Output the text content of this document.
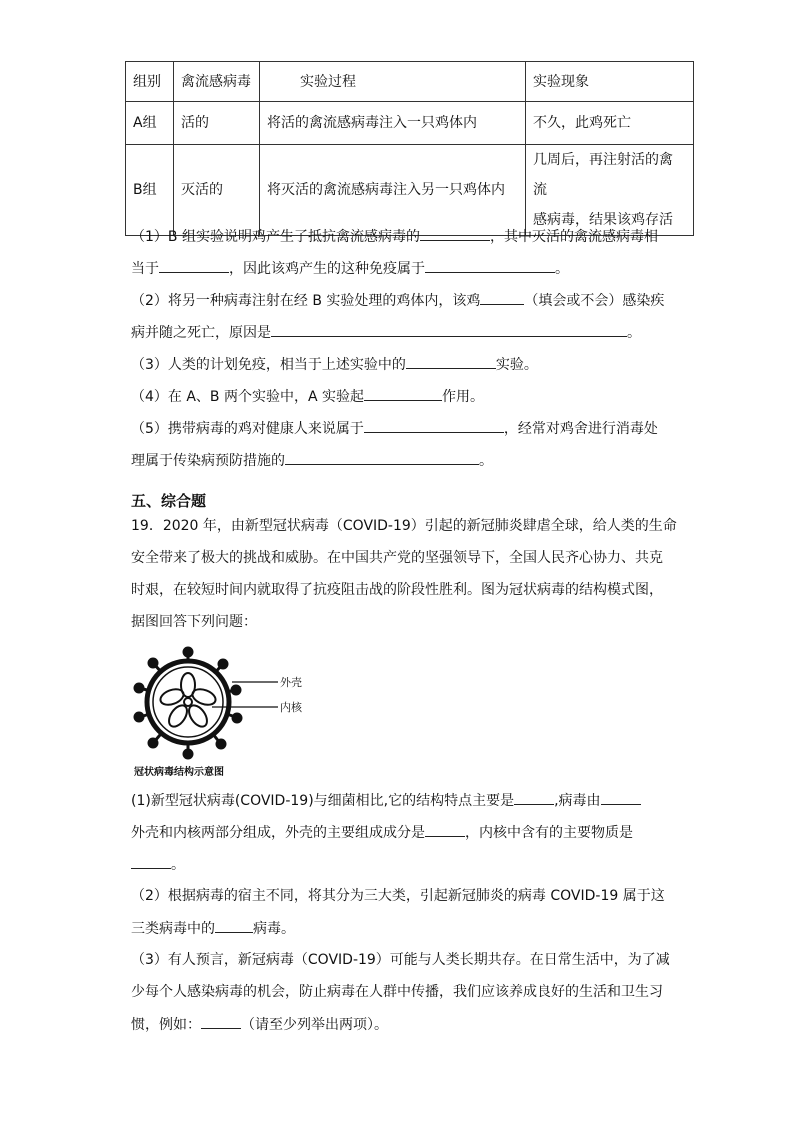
组别	禽流感病毒	实验过程	实验现象
A组	活的	将活的禽流感病毒注入一只鸡体内	不久，此鸡死亡
B组	灭活的	将灭活的禽流感病毒注入另一只鸡体内	几周后，再注射活的禽流
感病毒，结果该鸡存活
（1）B 组实验说明鸡产生了抵抗禽流感病毒的	，其中灭活的禽流感病毒相
当于	，因此该鸡产生的这种免疫属于	。
（2）将另一种病毒注射在经 B 实验处理的鸡体内，该鸡	（填会或不会）感染疾
病并随之死亡，原因是	。
（3）人类的计划免疫，相当于上述实验中的	实验。
（4）在 A、B 两个实验中，A 实验起	作用。
（5）携带病毒的鸡对健康人来说属于	，经常对鸡舍进行消毒处
理属于传染病预防措施的	。
五、综合题
19．2020 年，由新型冠状病毒（COVID-19）引起的新冠肺炎肆虐全球，给人类的生命
安全带来了极大的挑战和威胁。在中国共产党的坚强领导下，全国人民齐心协力、共克
时艰，在较短时间内就取得了抗疫阻击战的阶段性胜利。图为冠状病毒的结构模式图，
据图回答下列问题：
外壳
内核
冠状病毒结构示意图
(1)新型冠状病毒(COVID-19)与细菌相比,它的结构特点主要是	,病毒由
外壳和内核两部分组成，外壳的主要组成成分是	，内核中含有的主要物质是
。
（2）根据病毒的宿主不同，将其分为三大类，引起新冠肺炎的病毒 COVID-19 属于这
三类病毒中的	病毒。
（3）有人预言，新冠病毒（COVID-19）可能与人类长期共存。在日常生活中，为了减
少每个人感染病毒的机会，防止病毒在人群中传播，我们应该养成良好的生活和卫生习
惯，例如：	（请至少列举出两项）。
